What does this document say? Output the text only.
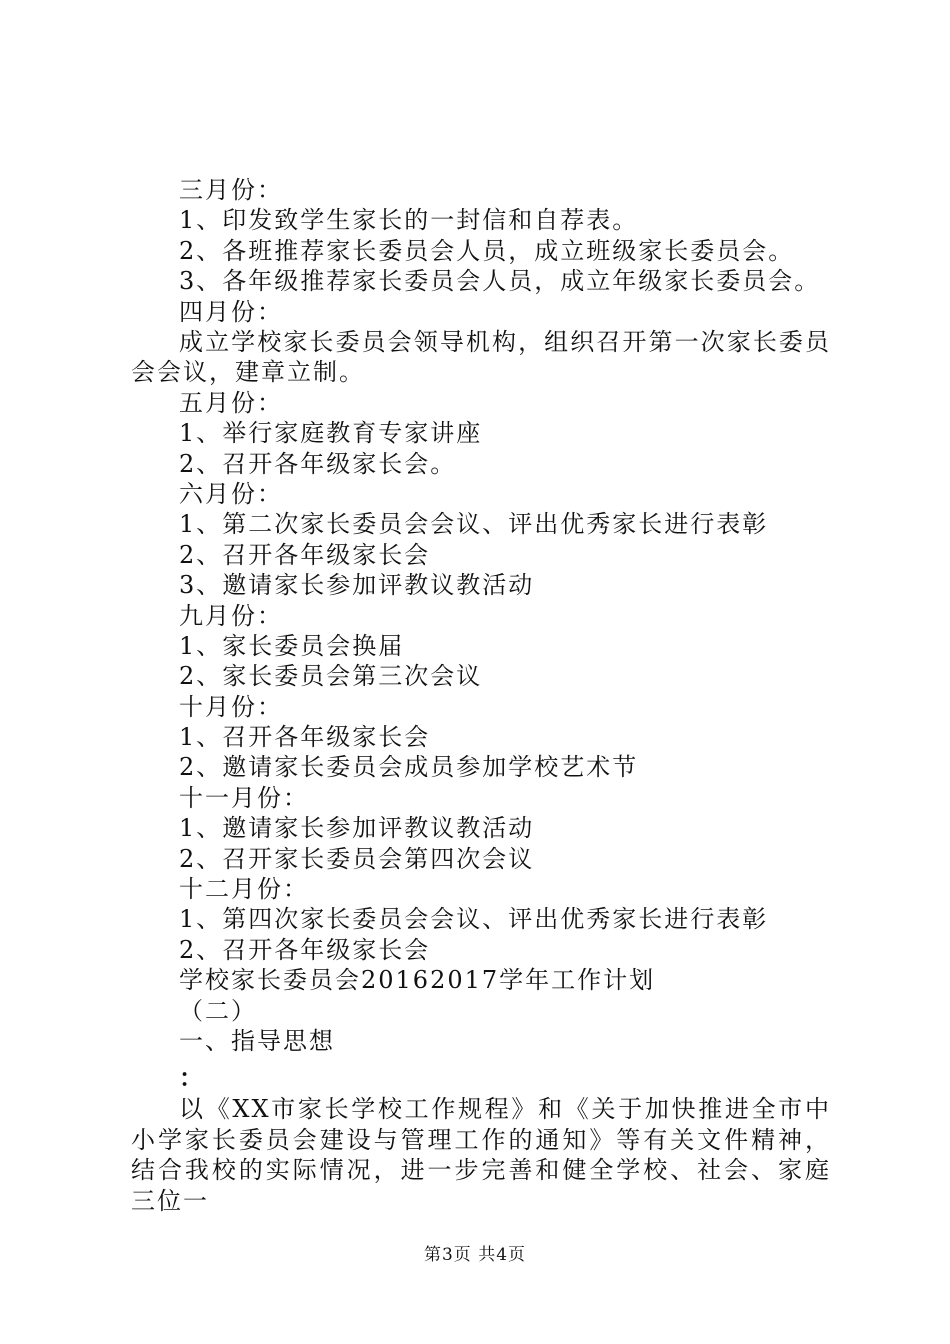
三月份：
1、印发致学生家长的一封信和自荐表。
2、各班推荐家长委员会人员，成立班级家长委员会。
3、各年级推荐家长委员会人员，成立年级家长委员会。
四月份：
成立学校家长委员会领导机构，组织召开第一次家长委员会会议，建章立制。
五月份：
1、举行家庭教育专家讲座
2、召开各年级家长会。
六月份：
1、第二次家长委员会会议、评出优秀家长进行表彰
2、召开各年级家长会
3、邀请家长参加评教议教活动
九月份：
1、家长委员会换届
2、家长委员会第三次会议
十月份：
1、召开各年级家长会
2、邀请家长委员会成员参加学校艺术节
十一月份：
1、邀请家长参加评教议教活动
2、召开家长委员会第四次会议
十二月份：
1、第四次家长委员会会议、评出优秀家长进行表彰
2、召开各年级家长会
学校家长委员会20162017学年工作计划
（二）
一、指导思想
：
以《XX市家长学校工作规程》和《关于加快推进全市中小学家长委员会建设与管理工作的通知》等有关文件精神，结合我校的实际情况，进一步完善和健全学校、社会、家庭三位一
第3页 共4页
